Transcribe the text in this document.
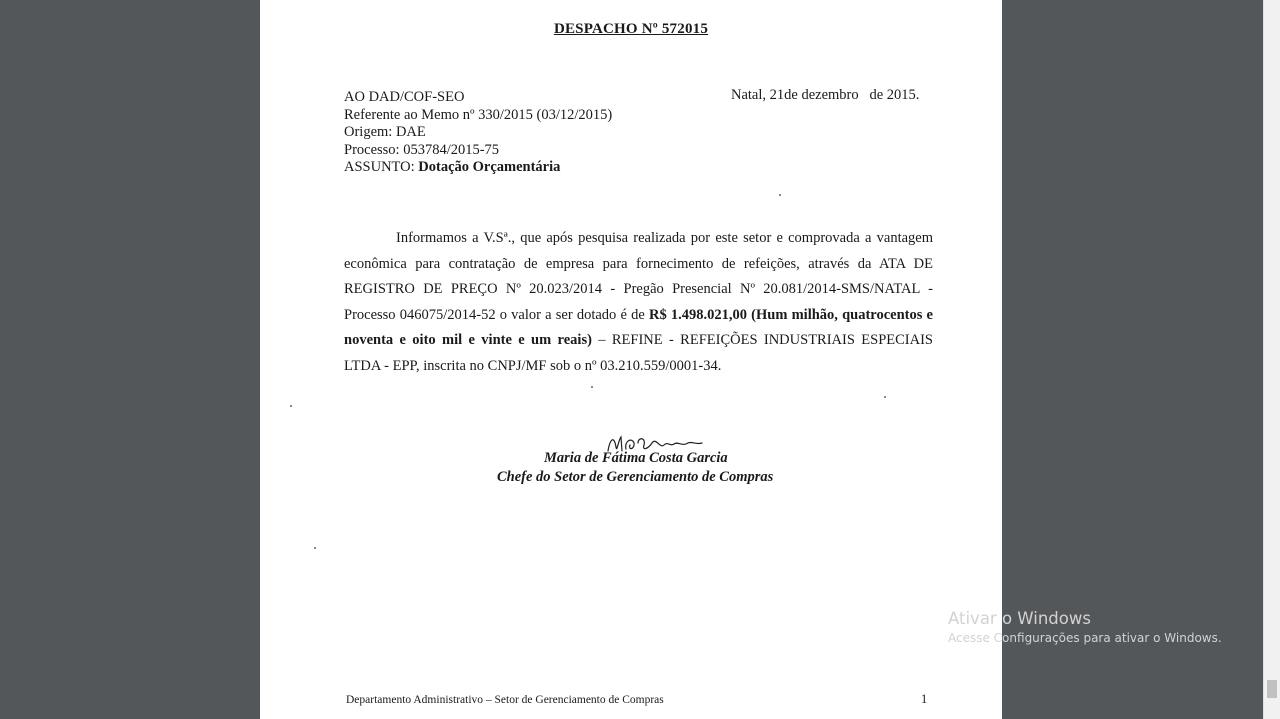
DESPACHO Nº 572015
AO DAD/COF-SEO
Referente ao Memo nº 330/2015 (03/12/2015)
Origem: DAE
Processo: 053784/2015-75
ASSUNTO: Dotação Orçamentária
Natal, 21de dezembro   de 2015.
Informamos a V.Sª., que após pesquisa realizada por este setor e comprovada a vantagem econômica para contratação de empresa para fornecimento de refeições, através da ATA DE REGISTRO DE PREÇO Nº 20.023/2014 - Pregão Presencial Nº 20.081/2014-SMS/NATAL - Processo 046075/2014-52 o valor a ser dotado é de R$ 1.498.021,00 (Hum milhão, quatrocentos e noventa e oito mil e vinte e um reais) – REFINE - REFEIÇÕES INDUSTRIAIS ESPECIAIS LTDA - EPP, inscrita no CNPJ/MF sob o nº 03.210.559/0001-34.
Maria de Fátima Costa Garcia
Chefe do Setor de Gerenciamento de Compras
Departamento Administrativo – Setor de Gerenciamento de Compras	1
Ativar o Windows
Acesse Configurações para ativar o Windows.
